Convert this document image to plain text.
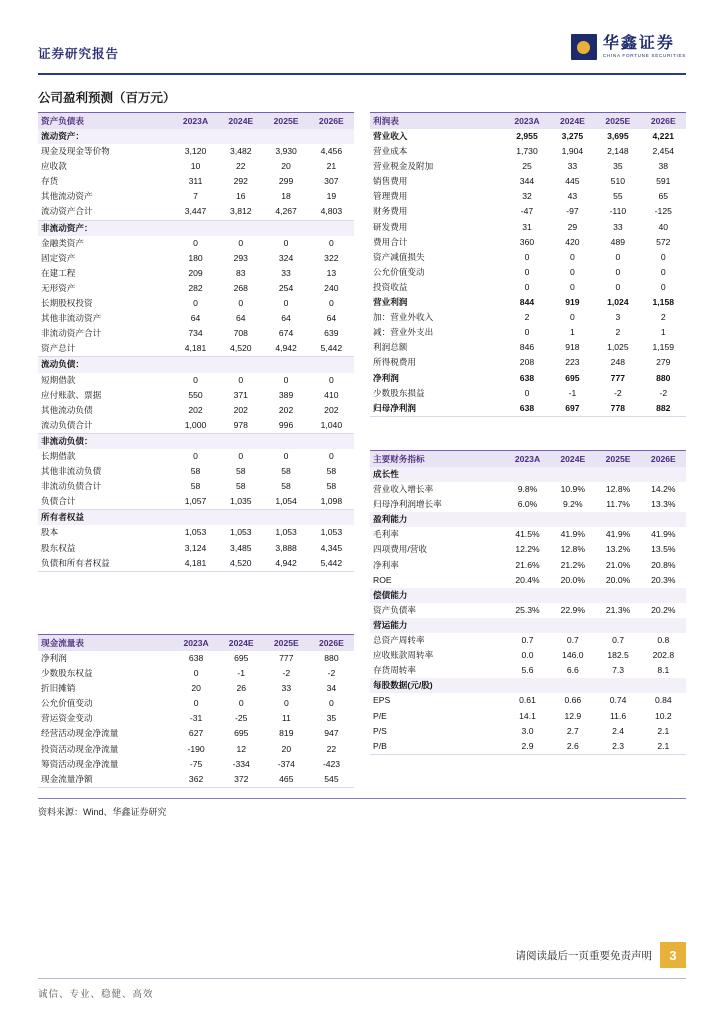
证券研究报告
华鑫证券
CHINA FORTUNE SECURITIES
公司盈利预测（百万元）
资产负债表	2023A	2024E	2025E	2026E
流动资产：				
现金及现金等价物	3,120	3,482	3,930	4,456
应收款	10	22	20	21
存货	311	292	299	307
其他流动资产	7	16	18	19
流动资产合计	3,447	3,812	4,267	4,803
非流动资产：				
金融类资产	0	0	0	0
固定资产	180	293	324	322
在建工程	209	83	33	13
无形资产	282	268	254	240
长期股权投资	0	0	0	0
其他非流动资产	64	64	64	64
非流动资产合计	734	708	674	639
资产总计	4,181	4,520	4,942	5,442
流动负债：				
短期借款	0	0	0	0
应付账款、票据	550	371	389	410
其他流动负债	202	202	202	202
流动负债合计	1,000	978	996	1,040
非流动负债：				
长期借款	0	0	0	0
其他非流动负债	58	58	58	58
非流动负债合计	58	58	58	58
负债合计	1,057	1,035	1,054	1,098
所有者权益				
股本	1,053	1,053	1,053	1,053
股东权益	3,124	3,485	3,888	4,345
负债和所有者权益	4,181	4,520	4,942	5,442
现金流量表	2023A	2024E	2025E	2026E
净利润	638	695	777	880
少数股东权益	0	-1	-2	-2
折旧摊销	20	26	33	34
公允价值变动	0	0	0	0
营运资金变动	-31	-25	11	35
经营活动现金净流量	627	695	819	947
投资活动现金净流量	-190	12	20	22
筹资活动现金净流量	-75	-334	-374	-423
现金流量净额	362	372	465	545
利润表	2023A	2024E	2025E	2026E
营业收入	2,955	3,275	3,695	4,221
营业成本	1,730	1,904	2,148	2,454
营业税金及附加	25	33	35	38
销售费用	344	445	510	591
管理费用	32	43	55	65
财务费用	-47	-97	-110	-125
研发费用	31	29	33	40
费用合计	360	420	489	572
资产减值损失	0	0	0	0
公允价值变动	0	0	0	0
投资收益	0	0	0	0
营业利润	844	919	1,024	1,158
加：营业外收入	2	0	3	2
减：营业外支出	0	1	2	1
利润总额	846	918	1,025	1,159
所得税费用	208	223	248	279
净利润	638	695	777	880
少数股东损益	0	-1	-2	-2
归母净利润	638	697	778	882
主要财务指标	2023A	2024E	2025E	2026E
成长性				
营业收入增长率	9.8%	10.9%	12.8%	14.2%
归母净利润增长率	6.0%	9.2%	11.7%	13.3%
盈利能力				
毛利率	41.5%	41.9%	41.9%	41.9%
四项费用/营收	12.2%	12.8%	13.2%	13.5%
净利率	21.6%	21.2%	21.0%	20.8%
ROE	20.4%	20.0%	20.0%	20.3%
偿债能力				
资产负债率	25.3%	22.9%	21.3%	20.2%
营运能力				
总资产周转率	0.7	0.7	0.7	0.8
应收账款周转率	0.0	146.0	182.5	202.8
存货周转率	5.6	6.6	7.3	8.1
每股数据(元/股)				
EPS	0.61	0.66	0.74	0.84
P/E	14.1	12.9	11.6	10.2
P/S	3.0	2.7	2.4	2.1
P/B	2.9	2.6	2.3	2.1
资料来源：Wind、华鑫证券研究
请阅读最后一页重要免责声明	3
诚信、专业、稳健、高效
